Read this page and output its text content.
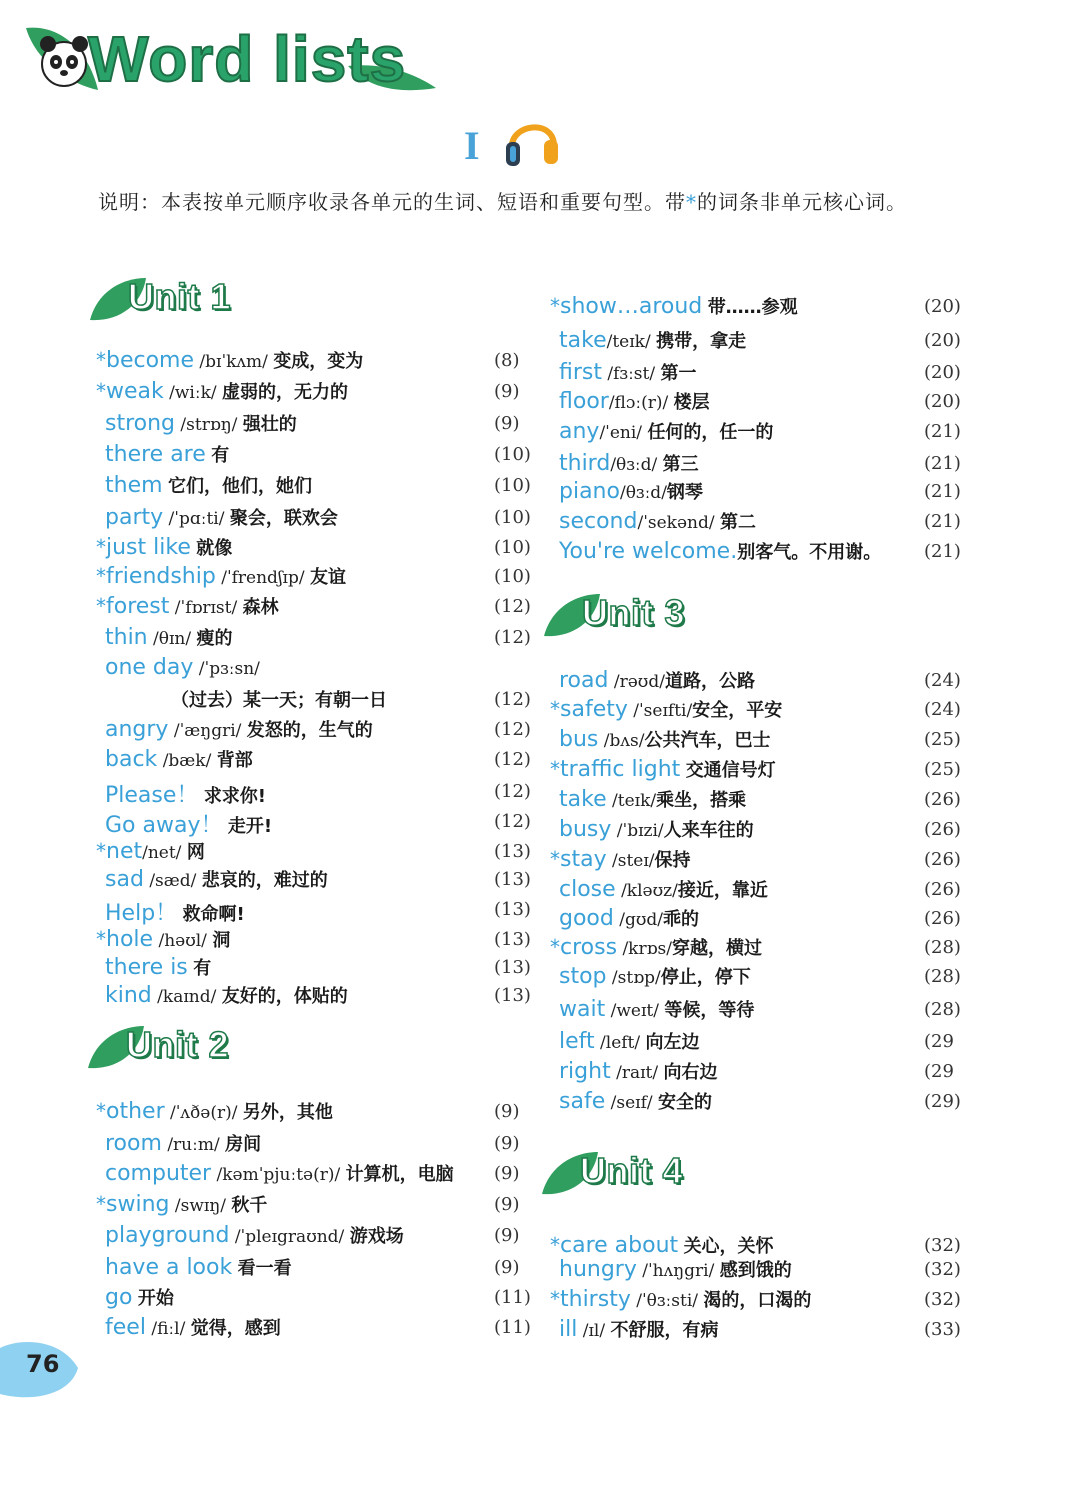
Word lists
I
说明：本表按单元顺序收录各单元的生词、短语和重要句型。带*的词条非单元核心词。
Unit 1
Unit 2
Unit 3
Unit 4
*become /bɪˈkʌm/ 变成，变为	(8)
*weak /wiːk/ 虚弱的，无力的	(9)
strong /strɒŋ/ 强壮的	(9)
there are 有	(10)
them 它们，他们，她们	(10)
party /ˈpɑːti/ 聚会，联欢会	(10)
*just like 就像	(10)
*friendship /ˈfrendʃɪp/ 友谊	(10)
*forest /ˈfɒrɪst/ 森林	(12)
thin /θɪn/ 瘦的	(12)
one day /ˈpɜːsn/
（过去）某一天；有朝一日	(12)
angry /ˈæŋgri/ 发怒的，生气的	(12)
back /bæk/ 背部	(12)
Please！ 求求你!	(12)
Go away！ 走开!	(12)
*net/net/ 网	(13)
sad /sæd/ 悲哀的，难过的	(13)
Help！ 救命啊!	(13)
*hole /həʊl/ 洞	(13)
there is 有	(13)
kind /kaɪnd/ 友好的，体贴的	(13)
*other /ˈʌðə(r)/ 另外，其他	(9)
room /ruːm/ 房间	(9)
computer /kəmˈpjuːtə(r)/ 计算机，电脑 (9)
*swing /swɪŋ/ 秋千	(9)
playground /ˈpleɪgraʊnd/ 游戏场	(9)
have a look 看一看	(9)
go 开始	(11)
feel /fiːl/ 觉得，感到	(11)
*show…aroud 带……参观	(20)
take/teɪk/ 携带，拿走	(20)
first /fɜːst/ 第一	(20)
floor/flɔː(r)/ 楼层	(20)
any/ˈeni/ 任何的，任一的	(21)
third/θɜːd/ 第三	(21)
piano/θɜːd/钢琴	(21)
second/ˈsekənd/ 第二	(21)
You're welcome.别客气。不用谢。 (21)
road /rəʊd/道路，公路	(24)
*safety /ˈseɪfti/安全，平安	(24)
bus /bʌs/公共汽车，巴士	(25)
*traffic light 交通信号灯	(25)
take /teɪk/乘坐，搭乘	(26)
busy /ˈbɪzi/人来车往的	(26)
*stay /steɪ/保持	(26)
close /kləʊz/接近，靠近	(26)
good /gʊd/乖的	(26)
*cross /krɒs/穿越，横过	(28)
stop /stɒp/停止，停下	(28)
wait /weɪt/ 等候，等待	(28)
left /left/ 向左边	(29
right /raɪt/ 向右边	(29
safe /seɪf/ 安全的	(29)
*care about 关心，关怀	(32)
hungry /ˈhʌŋgri/ 感到饿的	(32)
*thirsty /ˈθɜːsti/ 渴的，口渴的	(32)
ill /ɪl/ 不舒服，有病	(33)
76
